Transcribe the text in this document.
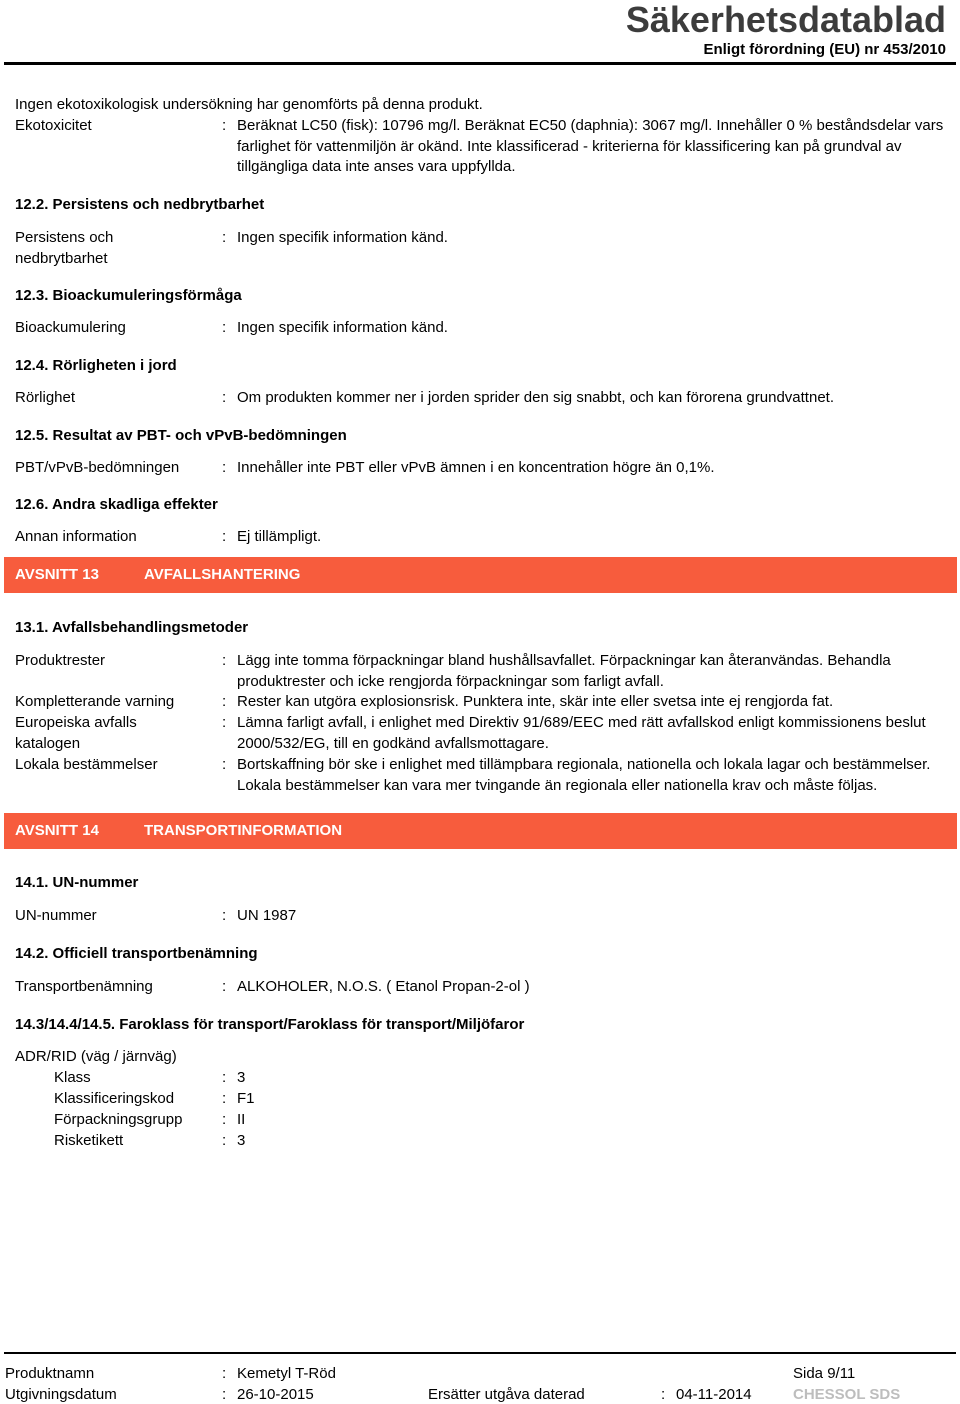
Säkerhetsdatablad
Enligt förordning (EU) nr 453/2010
Ingen ekotoxikologisk undersökning har genomförts på denna produkt.
Ekotoxicitet	: Beräknat LC50 (fisk): 10796 mg/l. Beräknat EC50 (daphnia): 3067 mg/l. Innehåller 0 % beståndsdelar vars farlighet för vattenmiljön är okänd. Inte klassificerad - kriterierna för klassificering kan på grundval av tillgängliga data inte anses vara uppfyllda.
12.2. Persistens och nedbrytbarhet
Persistens och nedbrytbarhet
: Ingen specifik information känd.
12.3. Bioackumuleringsförmåga
Bioackumulering	: Ingen specifik information känd.
12.4. Rörligheten i jord
Rörlighet	: Om produkten kommer ner i jorden sprider den sig snabbt, och kan förorena grundvattnet.
12.5. Resultat av PBT- och vPvB-bedömningen
PBT/vPvB-bedömningen	: Innehåller inte PBT eller vPvB ämnen i en koncentration högre än 0,1%.
12.6. Andra skadliga effekter
Annan information	: Ej tillämpligt.
AVSNITT 13	AVFALLSHANTERING
13.1. Avfallsbehandlingsmetoder
Produktrester	: Lägg inte tomma förpackningar bland hushållsavfallet. Förpackningar kan återanvändas. Behandla produktrester och icke rengjorda förpackningar som farligt avfall.
Kompletterande varning	: Rester kan utgöra explosionsrisk. Punktera inte, skär inte eller svetsa inte ej rengjorda fat.
Europeiska avfalls katalogen
: Lämna farligt avfall, i enlighet med Direktiv 91/689/EEC med rätt avfallskod enligt kommissionens beslut 2000/532/EG, till en godkänd avfallsmottagare.
Lokala bestämmelser	: Bortskaffning bör ske i enlighet med tillämpbara regionala, nationella och lokala lagar och bestämmelser. Lokala bestämmelser kan vara mer tvingande än regionala eller nationella krav och måste följas.
AVSNITT 14	TRANSPORTINFORMATION
14.1. UN-nummer
UN-nummer	: UN 1987
14.2. Officiell transportbenämning
Transportbenämning	: ALKOHOLER, N.O.S. ( Etanol Propan-2-ol )
14.3/14.4/14.5. Faroklass för transport/Faroklass för transport/Miljöfaror
ADR/RID (väg / järnväg)
Klass	: 3
Klassificeringskod	: F1
Förpackningsgrupp	: II
Risketikett	: 3
Produktnamn	: Kemetyl T-Röd	Sida 9/11
Utgivningsdatum	: 26-10-2015	Ersätter utgåva daterad	: 04-11-2014	CHESSOL SDS
